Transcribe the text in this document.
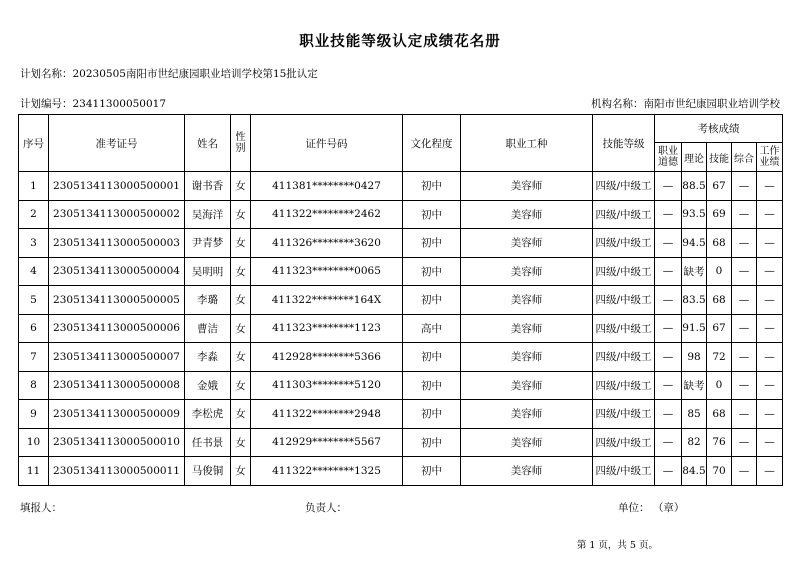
职业技能等级认定成绩花名册
计划名称：20230505南阳市世纪康园职业培训学校第15批认定
计划编号：23411300050017	机构名称：南阳市世纪康园职业培训学校
序号	准考证号	姓名	性别	证件号码	文化程度	职业工种	技能等级	考核成绩				
								职业道德	理论	技能	综合	工作业绩
1	2305134113000500001	谢书香	女	411381********0427	初中	美容师	四级/中级工	—	88.5	67	—	—
2	2305134113000500002	吴海洋	女	411322********2462	初中	美容师	四级/中级工	—	93.5	69	—	—
3	2305134113000500003	尹青梦	女	411326********3620	初中	美容师	四级/中级工	—	94.5	68	—	—
4	2305134113000500004	吴明明	女	411323********0065	初中	美容师	四级/中级工	—	缺考	0	—	—
5	2305134113000500005	李璐	女	411322********164X	初中	美容师	四级/中级工	—	83.5	68	—	—
6	2305134113000500006	曹洁	女	411323********1123	高中	美容师	四级/中级工	—	91.5	67	—	—
7	2305134113000500007	李淼	女	412928********5366	初中	美容师	四级/中级工	—	98	72	—	—
8	2305134113000500008	金娥	女	411303********5120	初中	美容师	四级/中级工	—	缺考	0	—	—
9	2305134113000500009	李松虎	女	411322********2948	初中	美容师	四级/中级工	—	85	68	—	—
10	2305134113000500010	任书景	女	412929********5567	初中	美容师	四级/中级工	—	82	76	—	—
11	2305134113000500011	马俊铜	女	411322********1325	初中	美容师	四级/中级工	—	84.5	70	—	—
填报人：	负责人：	单位： （章）
第 1 页，共 5 页。
